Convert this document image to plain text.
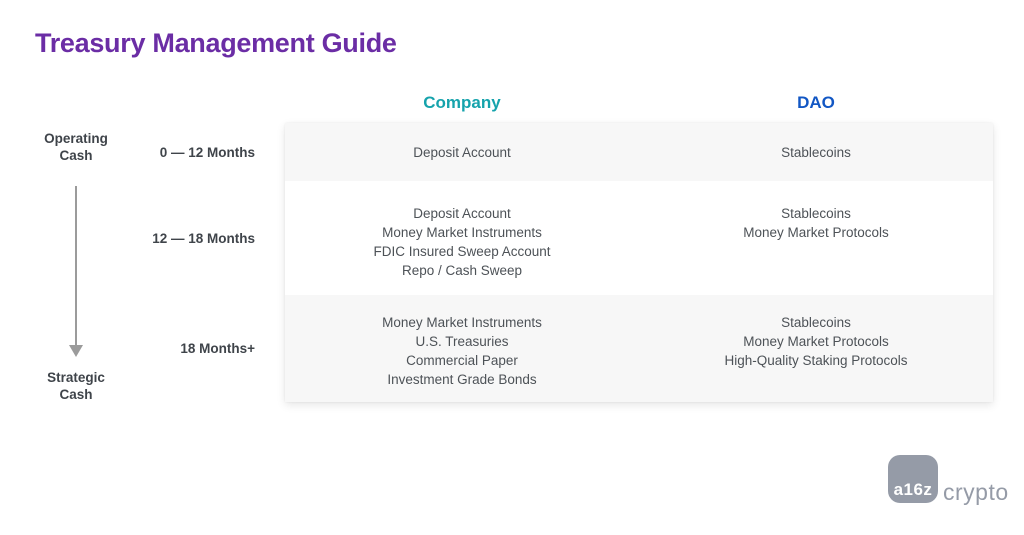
Treasury Management Guide
Operating Cash
Strategic Cash
Company	DAO
0 — 12 Months
12 — 18 Months
18 Months+
Deposit Account	Stablecoins
Deposit Account
Money Market Instruments
FDIC Insured Sweep Account
Repo / Cash Sweep
Stablecoins
Money Market Protocols
Money Market Instruments
U.S. Treasuries
Commercial Paper
Investment Grade Bonds
Stablecoins
Money Market Protocols
High-Quality Staking Protocols
a16z crypto
